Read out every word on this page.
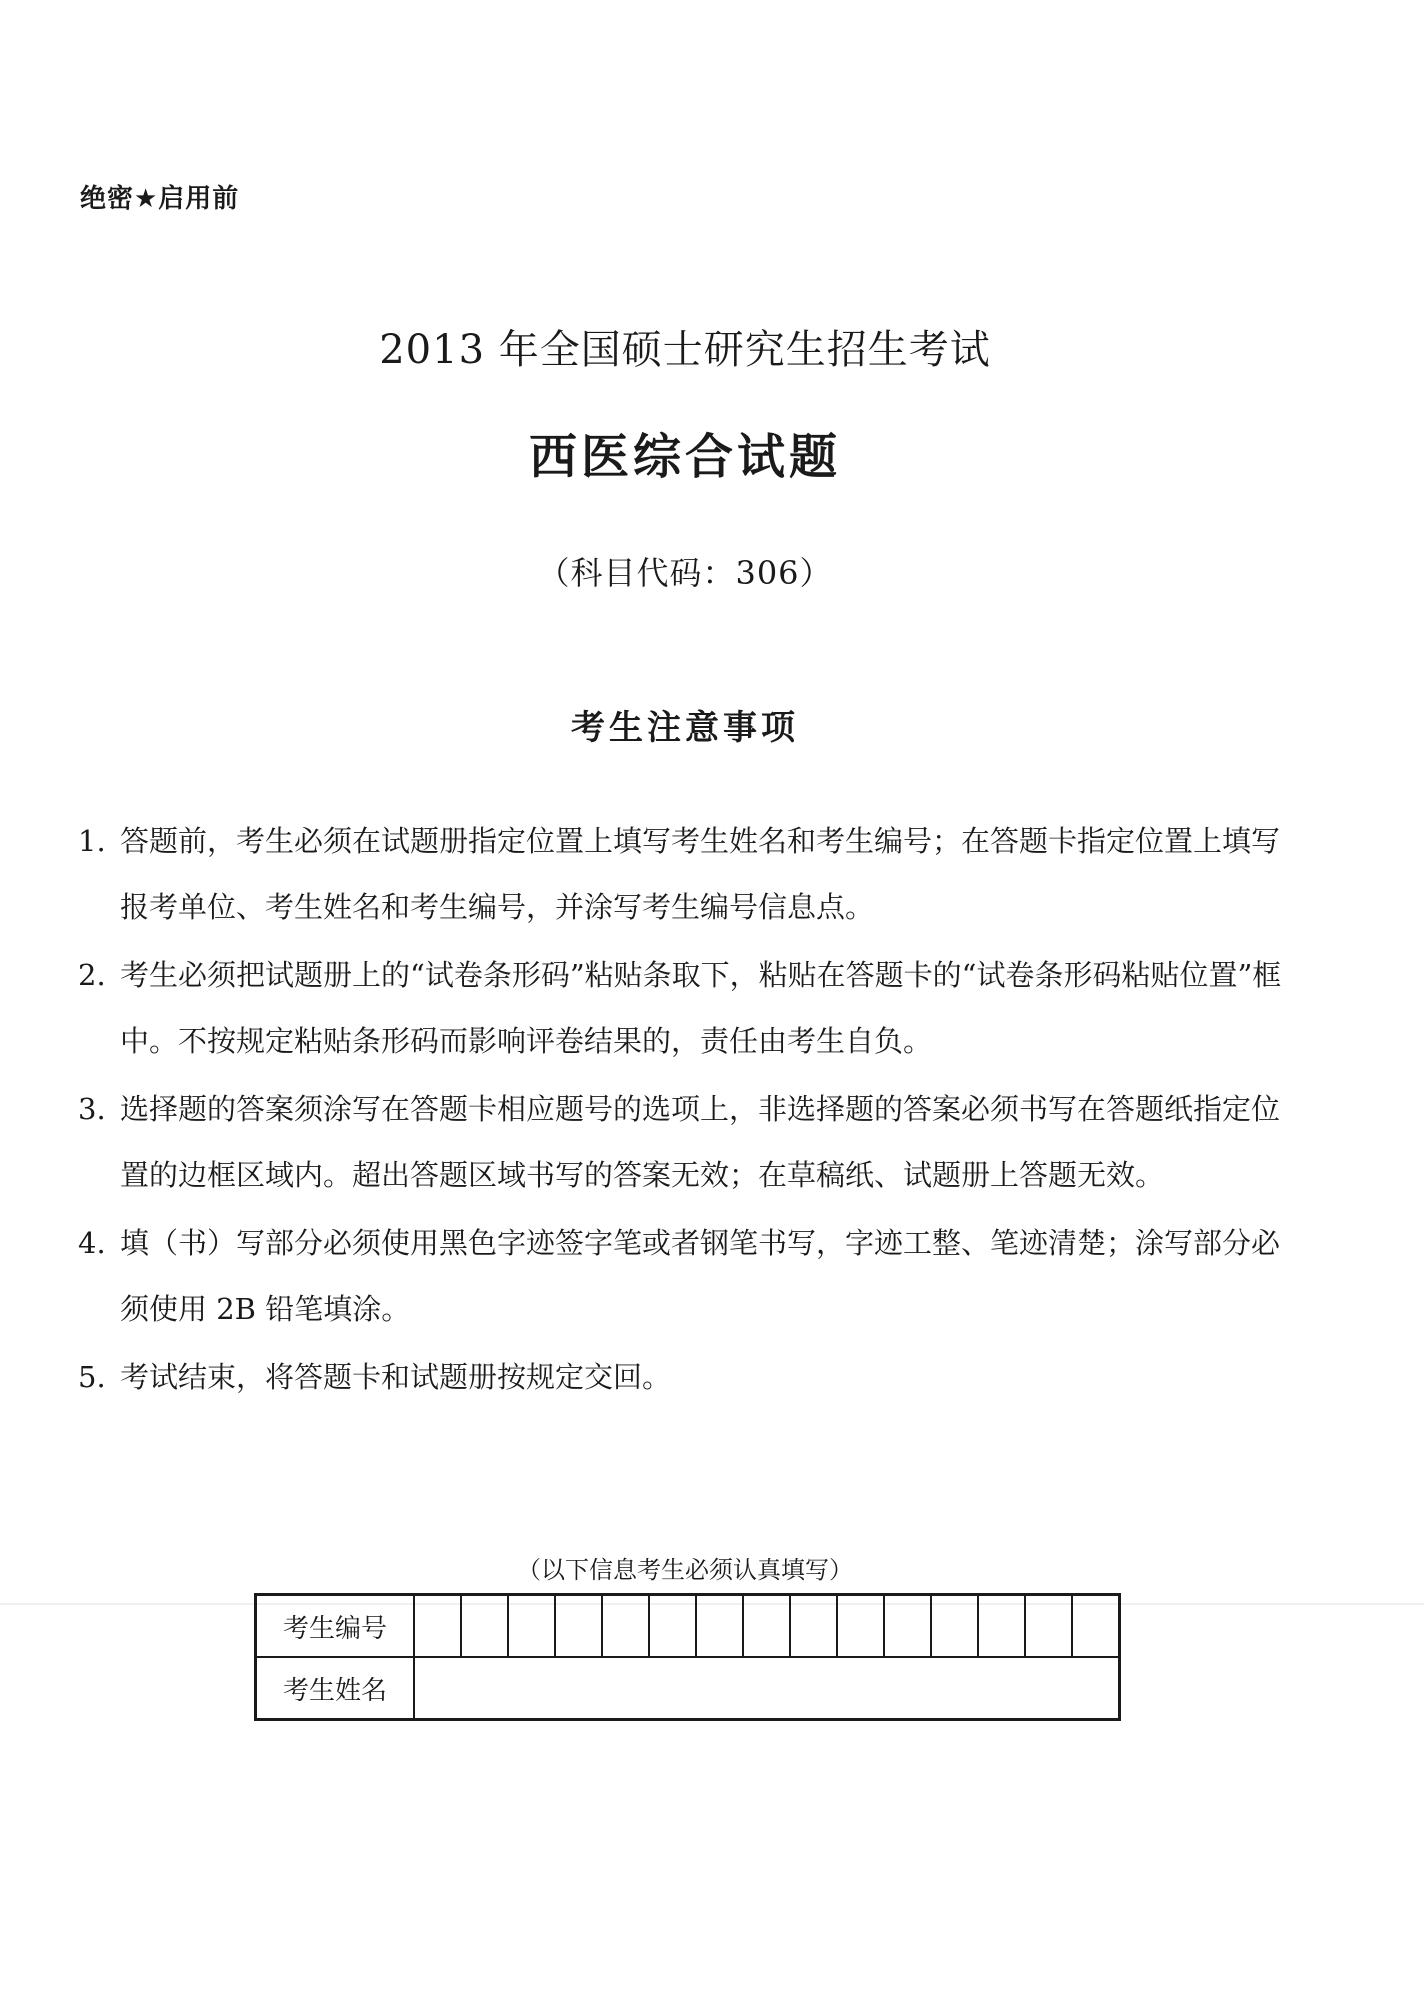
绝密★启用前
2013 年全国硕士研究生招生考试
西医综合试题
（科目代码：306）
考生注意事项
1. 答题前，考生必须在试题册指定位置上填写考生姓名和考生编号；在答题卡指定位置上填写报考单位、考生姓名和考生编号，并涂写考生编号信息点。
2. 考生必须把试题册上的“试卷条形码”粘贴条取下，粘贴在答题卡的“试卷条形码粘贴位置”框中。不按规定粘贴条形码而影响评卷结果的，责任由考生自负。
3. 选择题的答案须涂写在答题卡相应题号的选项上，非选择题的答案必须书写在答题纸指定位置的边框区域内。超出答题区域书写的答案无效；在草稿纸、试题册上答题无效。
4. 填（书）写部分必须使用黑色字迹签字笔或者钢笔书写，字迹工整、笔迹清楚；涂写部分必须使用 2B 铅笔填涂。
5. 考试结束，将答题卡和试题册按规定交回。
（以下信息考生必须认真填写）
考生编号															
考生姓名															
